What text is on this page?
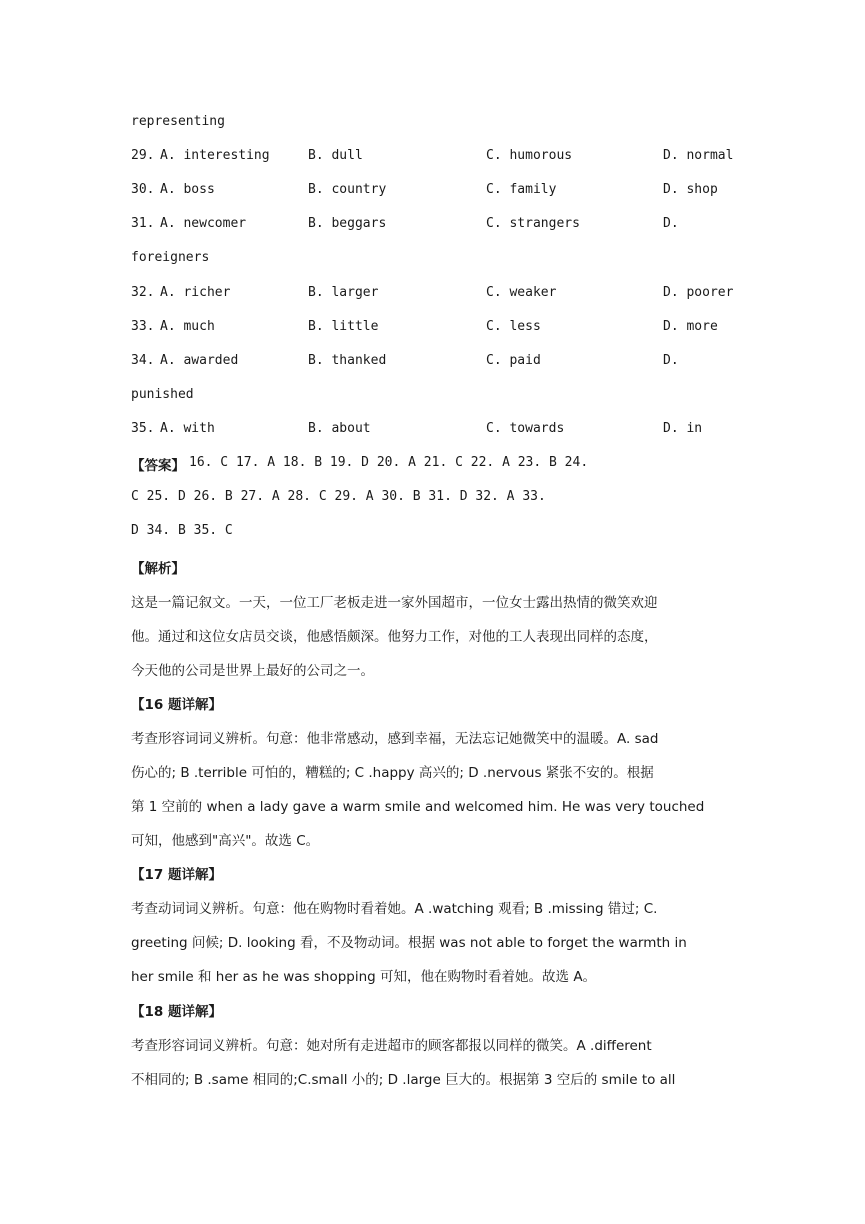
representing
29. A. interesting	B. dull	C. humorous	D. normal
30. A. boss	B. country	C. family	D. shop
31. A. newcomer	B. beggars	C. strangers	D.
foreigners
32. A. richer	B. larger	C. weaker	D. poorer
33. A. much	B. little	C. less	D. more
34. A. awarded	B. thanked	C. paid	D.
punished
35. A. with	B. about	C. towards	D. in
【答案】 16. C 17. A 18. B 19. D 20. A 21. C 22. A 23. B 24.
C 25. D 26. B 27. A 28. C 29. A 30. B 31. D 32. A 33.
D 34. B 35. C
【解析】
这是一篇记叙文。一天，一位工厂老板走进一家外国超市，一位女士露出热情的微笑欢迎
他。通过和这位女店员交谈，他感悟颇深。他努力工作，对他的工人表现出同样的态度，
今天他的公司是世界上最好的公司之一。
【16 题详解】
考查形容词词义辨析。句意：他非常感动，感到幸福，无法忘记她微笑中的温暖。A. sad
伤心的; B .terrible 可怕的，糟糕的; C .happy 高兴的; D .nervous 紧张不安的。根据
第 1 空前的 when a lady gave a warm smile and welcomed him. He was very touched
可知，他感到"高兴"。故选 C。
【17 题详解】
考查动词词义辨析。句意：他在购物时看着她。A .watching 观看; B .missing 错过; C.
greeting 问候; D. looking 看，不及物动词。根据 was not able to forget the warmth in
her smile 和 her as he was shopping 可知，他在购物时看着她。故选 A。
【18 题详解】
考查形容词词义辨析。句意：她对所有走进超市的顾客都报以同样的微笑。A .different
不相同的; B .same 相同的;C.small 小的; D .large 巨大的。根据第 3 空后的 smile to all
